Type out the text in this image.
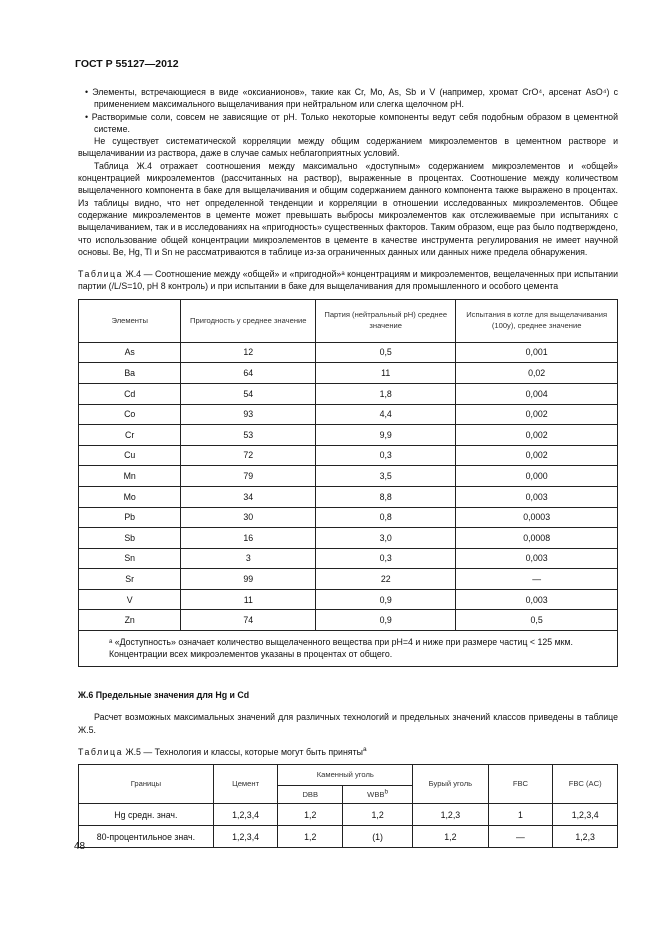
ГОСТ Р 55127—2012

• Элементы, встречающиеся в виде «оксианионов», такие как Cr, Mo, As, Sb и V (например, хромат CrO⁴, арсенат AsO⁴) с применением максимального выщелачивания при нейтральном или слегка щелочном pH.

• Растворимые соли, совсем не зависящие от pH. Только некоторые компоненты ведут себя подобным образом в цементной системе.

Не существует систематической корреляции между общим содержанием микроэлементов в цементном растворе и выщелачивании из раствора, даже в случае самых неблагоприятных условий.

Таблица Ж.4 отражает соотношения между максимально «доступным» содержанием микроэлементов и «общей» концентрацией микроэлементов (рассчитанных на раствор), выраженные в процентах. Соотношение между количеством выщелаченного компонента в баке для выщелачивания и общим содержанием данного компонента также выражено в процентах. Из таблицы видно, что нет определенной тенденции и корреляции в отношении исследованных микроэлементов. Общее содержание микроэлементов в цементе может превышать выбросы микроэлементов как отслеживаемые при испытаниях с выщелачиванием, так и в исследованиях на «пригодность» существенных факторов. Таким образом, еще раз было подтверждено, что использование общей концентрации микроэлементов в цементе в качестве инструмента регулирования не имеет научной основы. Be, Hg, Tl и Sn не рассматриваются в таблице из-за ограниченных данных или данных ниже предела обнаружения.

Таблица Ж.4 — Соотношение между «общей» и «пригодной»ᵃ концентрациям и микроэлементов, вещелаченных при испытании партии (/L/S=10, pH 8 контроль) и при испытании в баке для выщелачивания для промышленного и особого цемента

Элементы	Пригодность у среднее значение	Партия (нейтральный pH) среднее значение	Испытания в котле для выщелачивания (100у), среднее значение
As	12	0,5	0,001
Ba	64	11	0,02
Cd	54	1,8	0,004
Co	93	4,4	0,002
Cr	53	9,9	0,002
Cu	72	0,3	0,002
Mn	79	3,5	0,000
Mo	34	8,8	0,003
Pb	30	0,8	0,0003
Sb	16	3,0	0,0008
Sn	3	0,3	0,003
Sr	99	22	—
V	11	0,9	0,003
Zn	74	0,9	0,5

ᵃ «Доступность» означает количество выщелаченного вещества при pH=4 и ниже при размере частиц < 125 мкм.
Концентрации всех микроэлементов указаны в процентах от общего.			

Ж.6 Предельные значения для Hg и Cd

Расчет возможных максимальных значений для различных технологий и предельных значений классов приведены в таблице Ж.5.

Таблица Ж.5 — Технология и классы, которые могут быть приняты$^a$

Границы	Цемент	Каменный уголь		Бурый уголь	FBC	FBC (AC)
		DBB	WBB$^b$
Hg средн. знач.	1,2,3,4	1,2	1,2	1,2,3	1	1,2,3,4
80-процентильное знач.	1,2,3,4	1,2	(1)	1,2	—	1,2,3
48
